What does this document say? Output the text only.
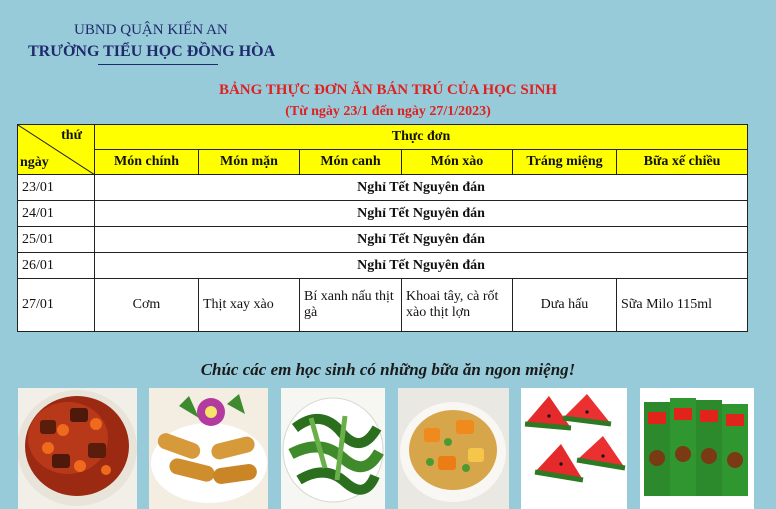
UBND QUẬN KIẾN AN
TRƯỜNG TIỂU HỌC ĐỒNG HÒA
BẢNG THỰC ĐƠN ĂN BÁN TRÚ CỦA HỌC SINH
(Từ ngày 23/1 đến ngày 27/1/2023)
thứ
ngày	Thực đơn					
	Món chính	Món mặn	Món canh	Món xào	Tráng miệng	Bữa xế chiều
23/01	Nghỉ Tết Nguyên đán					
24/01	Nghỉ Tết Nguyên đán					
25/01	Nghỉ Tết Nguyên đán					
26/01	Nghỉ Tết Nguyên đán					
27/01	Cơm	Thịt xay xào	Bí xanh nấu thịt gà	Khoai tây, cà rốt xào thịt lợn	Dưa hấu	Sữa Milo 115ml
Chúc các em học sinh có những bữa ăn ngon miệng!
